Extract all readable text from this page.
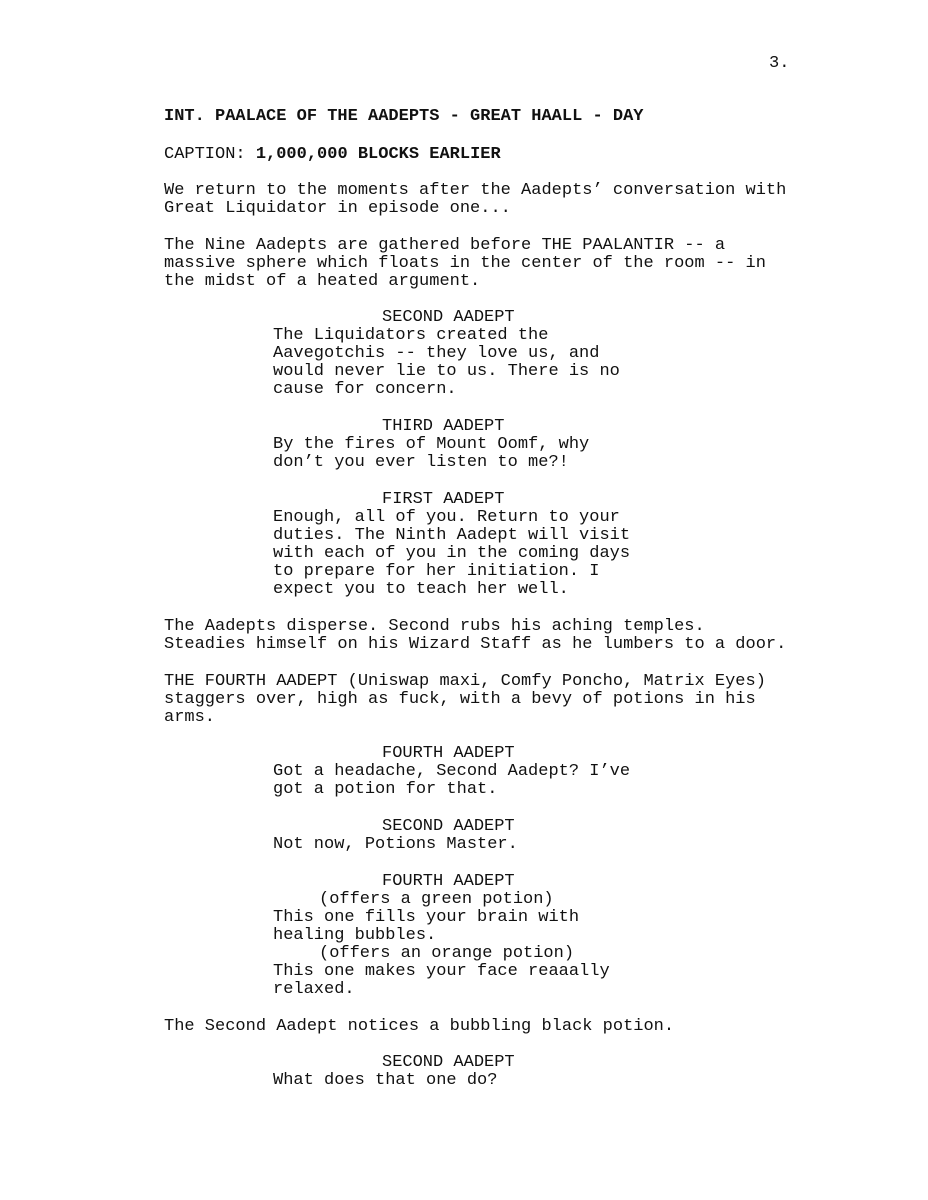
3.
INT. PAALACE OF THE AADEPTS - GREAT HAALL - DAY
CAPTION: 1,000,000 BLOCKS EARLIER
We return to the moments after the Aadepts’ conversation with
Great Liquidator in episode one...
The Nine Aadepts are gathered before THE PAALANTIR -- a
massive sphere which floats in the center of the room -- in
the midst of a heated argument.
SECOND AADEPT
The Liquidators created the
Aavegotchis -- they love us, and
would never lie to us. There is no
cause for concern.
THIRD AADEPT
By the fires of Mount Oomf, why
don’t you ever listen to me?!
FIRST AADEPT
Enough, all of you. Return to your
duties. The Ninth Aadept will visit
with each of you in the coming days
to prepare for her initiation. I
expect you to teach her well.
The Aadepts disperse. Second rubs his aching temples.
Steadies himself on his Wizard Staff as he lumbers to a door.
THE FOURTH AADEPT (Uniswap maxi, Comfy Poncho, Matrix Eyes)
staggers over, high as fuck, with a bevy of potions in his
arms.
FOURTH AADEPT
Got a headache, Second Aadept? I’ve
got a potion for that.
SECOND AADEPT
Not now, Potions Master.
FOURTH AADEPT
(offers a green potion)
This one fills your brain with
healing bubbles.
(offers an orange potion)
This one makes your face reaaally
relaxed.
The Second Aadept notices a bubbling black potion.
SECOND AADEPT
What does that one do?
